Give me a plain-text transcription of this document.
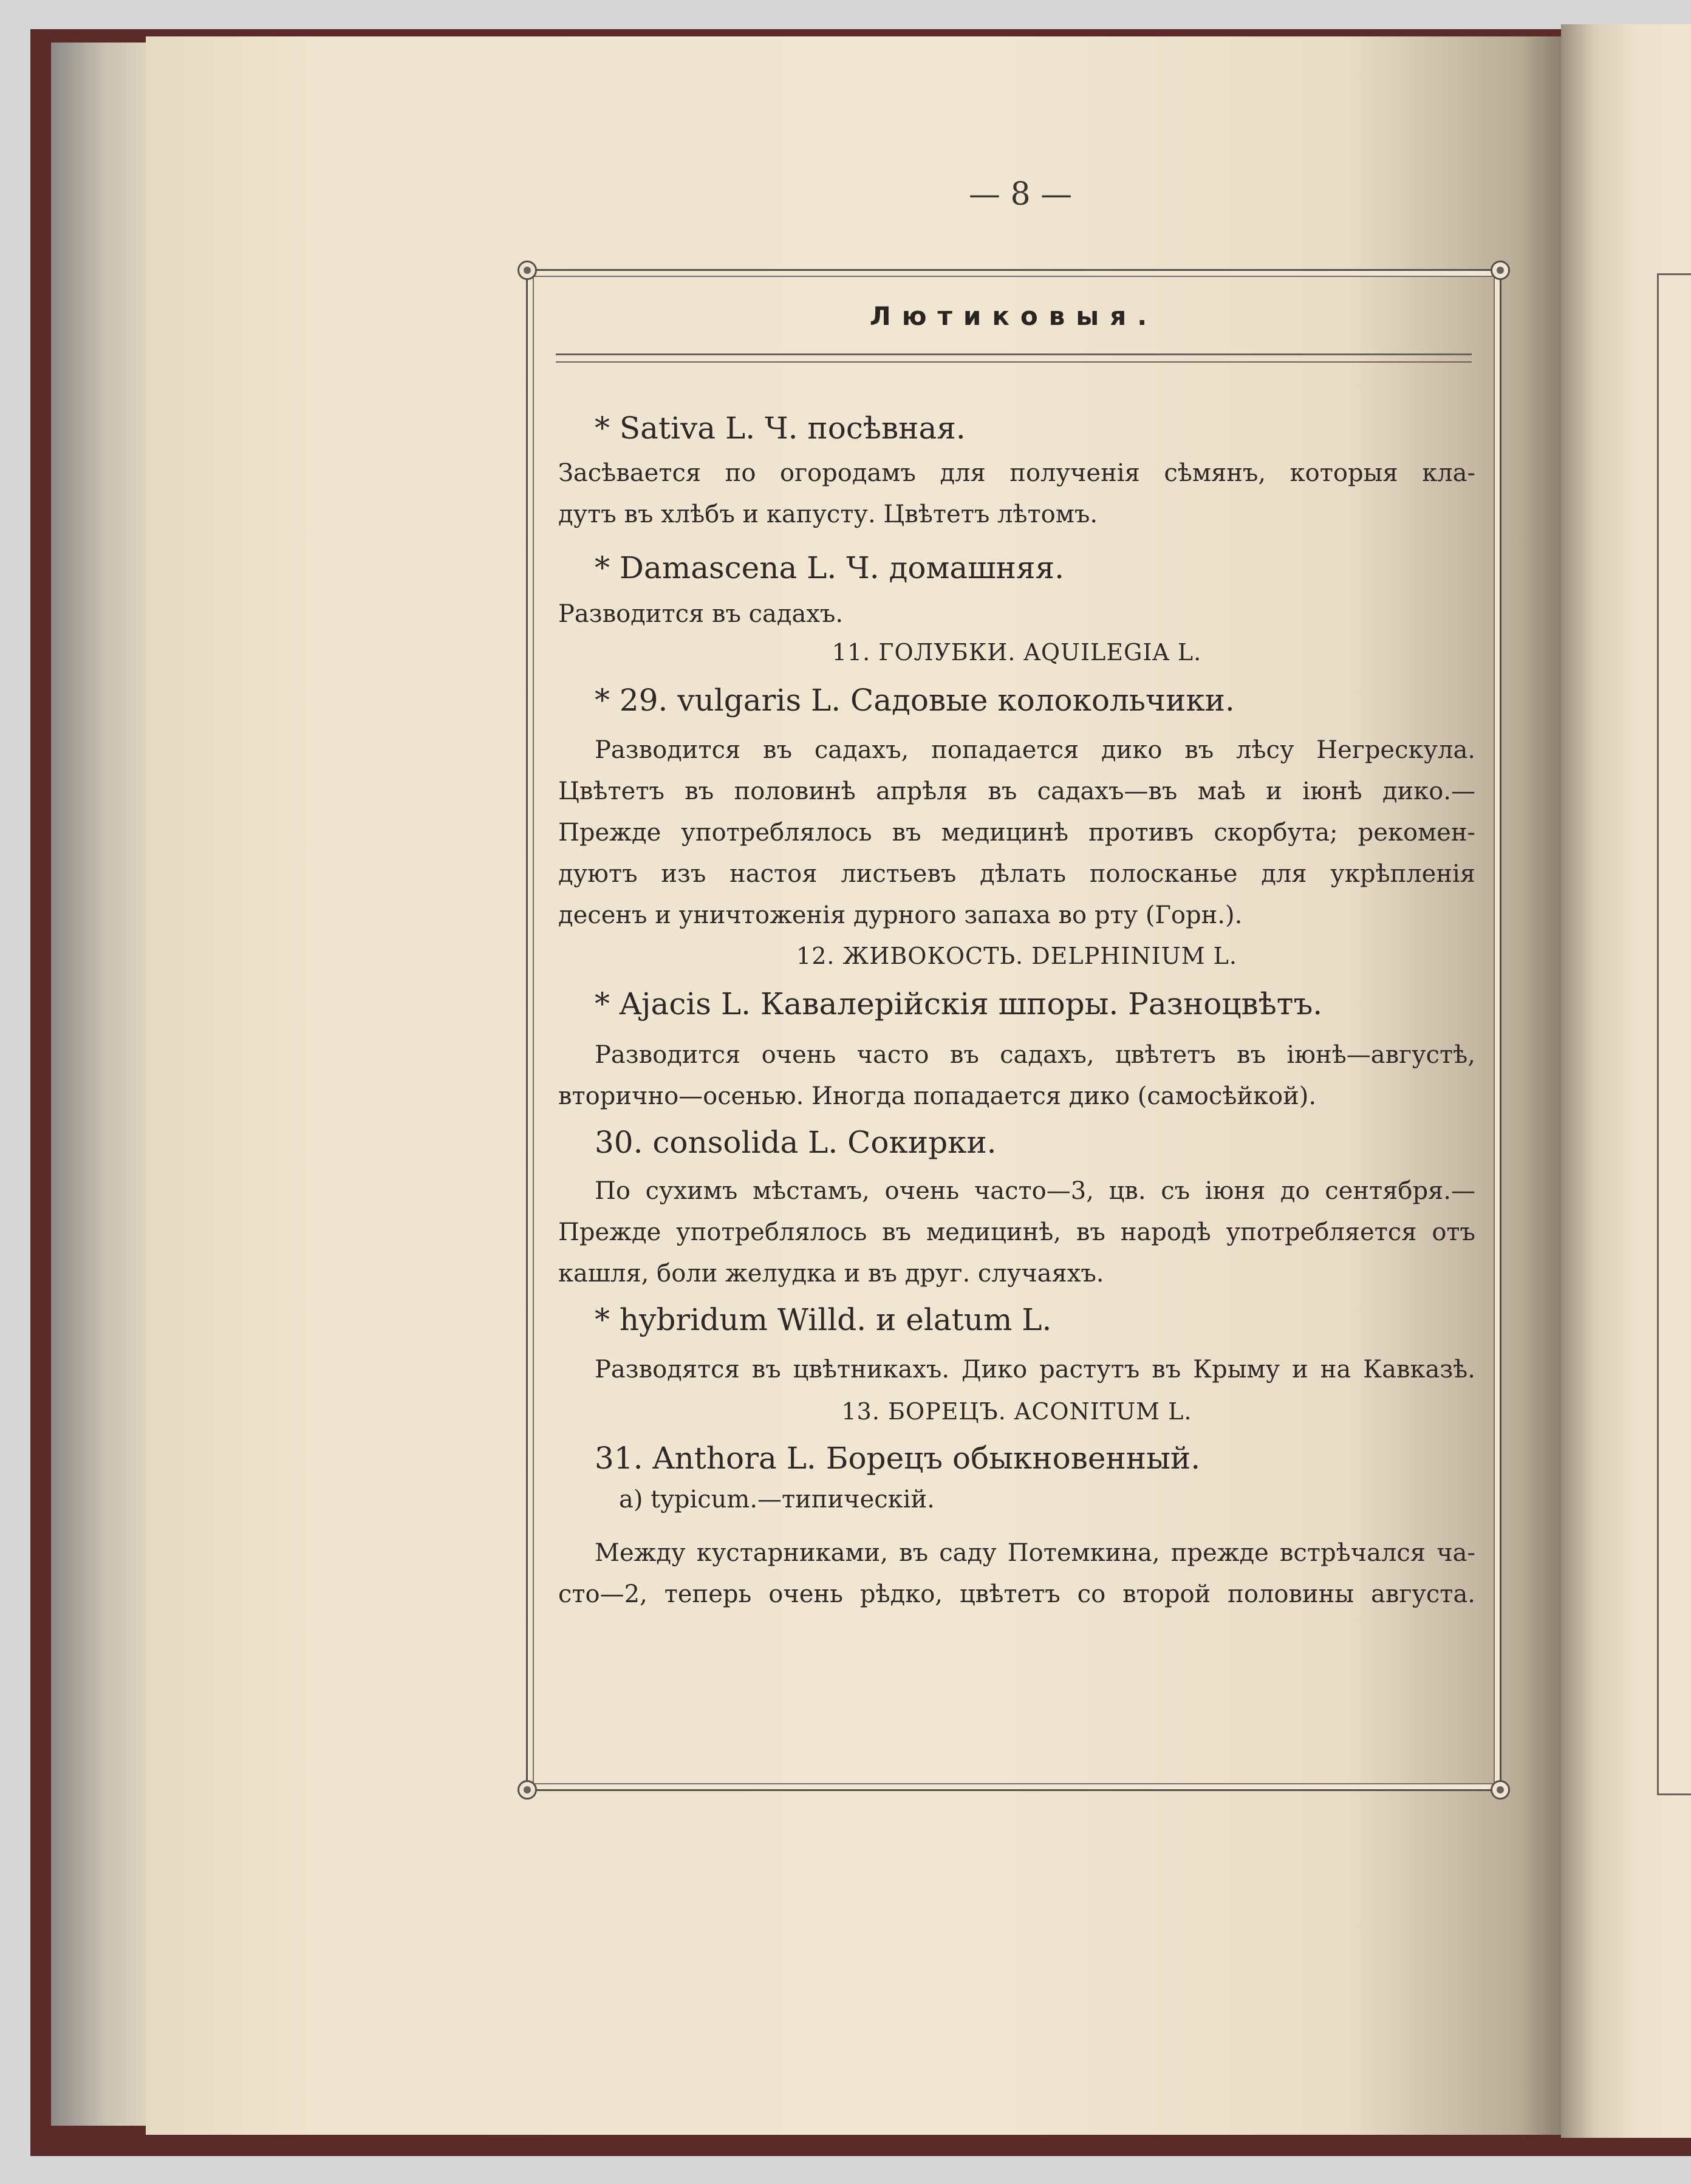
— 8 —
Лютиковыя.
* Sativa L. Ч. посѣвная.
Засѣвается по огородамъ для полученія сѣмянъ, которыя кла-
дутъ въ хлѣбъ и капусту. Цвѣтетъ лѣтомъ.
* Damascena L. Ч. домашняя.
Разводится въ садахъ.
11. ГОЛУБКИ. AQUILEGIA L.
* 29. vulgaris L. Садовые колокольчики.
Разводится въ садахъ, попадается дико въ лѣсу Негрескула.
Цвѣтетъ въ половинѣ апрѣля въ садахъ—въ маѣ и іюнѣ дико.—
Прежде употреблялось въ медицинѣ противъ скорбута; рекомен-
дуютъ изъ настоя листьевъ дѣлать полосканье для укрѣпленія
десенъ и уничтоженія дурного запаха во рту (Горн.).
12. ЖИВОКОСТЬ. DELPHINIUM L.
* Ajacis L. Кавалерійскія шпоры. Разноцвѣтъ.
Разводится очень часто въ садахъ, цвѣтетъ въ іюнѣ—августѣ,
вторично—осенью. Иногда попадается дико (самосѣйкой).
30. consolida L. Сокирки.
По сухимъ мѣстамъ, очень часто—3, цв. съ іюня до сентября.—
Прежде употреблялось въ медицинѣ, въ народѣ употребляется отъ
кашля, боли желудка и въ друг. случаяхъ.
* hybridum Willd. и elatum L.
Разводятся въ цвѣтникахъ. Дико растутъ въ Крыму и на Кавказѣ.
13. БОРЕЦЪ. ACONITUM L.
31. Anthora L. Борецъ обыкновенный.
a) typicum.—типическій.
Между кустарниками, въ саду Потемкина, прежде встрѣчался ча-
сто—2, теперь очень рѣдко, цвѣтетъ со второй половины августа.
